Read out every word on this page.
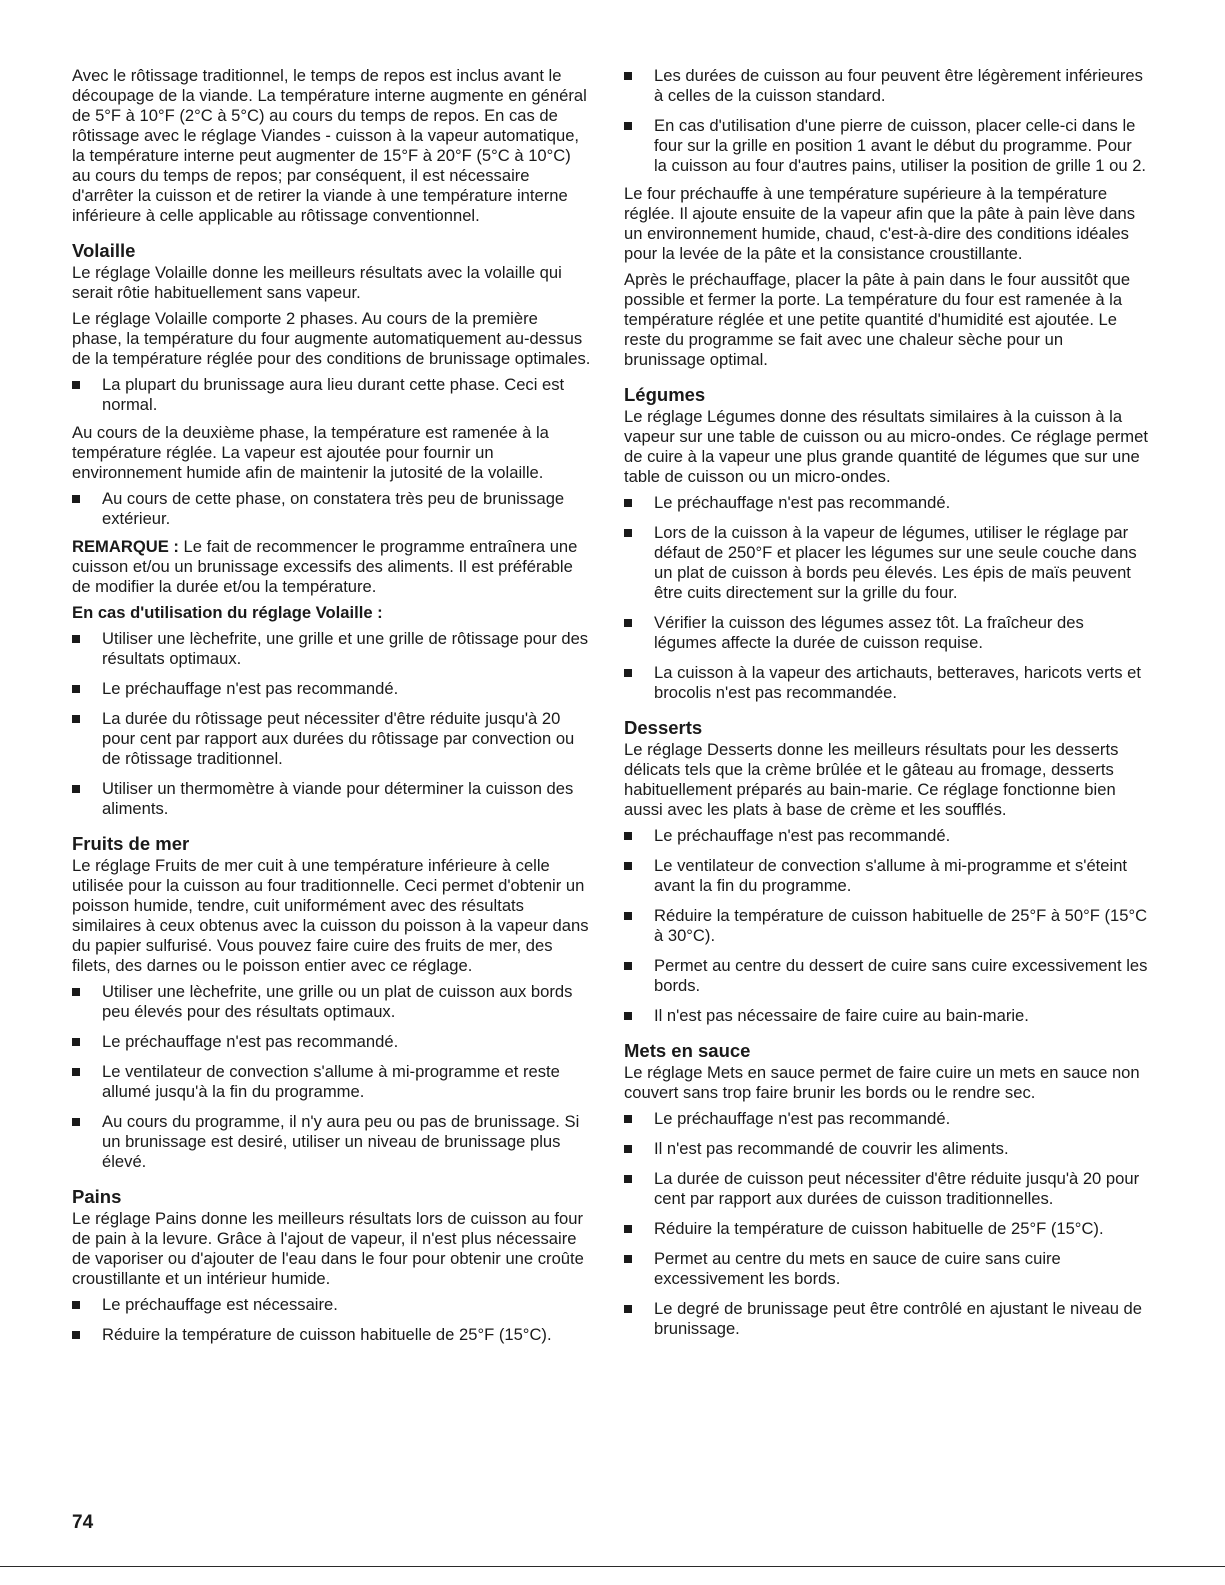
Avec le rôtissage traditionnel, le temps de repos est inclus avant le découpage de la viande. La température interne augmente en général de 5°F à 10°F (2°C à 5°C) au cours du temps de repos. En cas de rôtissage avec le réglage Viandes - cuisson à la vapeur automatique, la température interne peut augmenter de 15°F à 20°F (5°C à 10°C) au cours du temps de repos; par conséquent, il est nécessaire d'arrêter la cuisson et de retirer la viande à une température interne inférieure à celle applicable au rôtissage conventionnel.

Volaille

Le réglage Volaille donne les meilleurs résultats avec la volaille qui serait rôtie habituellement sans vapeur.

Le réglage Volaille comporte 2 phases. Au cours de la première phase, la température du four augmente automatiquement au-dessus de la température réglée pour des conditions de brunissage optimales.

La plupart du brunissage aura lieu durant cette phase. Ceci est normal.

Au cours de la deuxième phase, la température est ramenée à la température réglée. La vapeur est ajoutée pour fournir un environnement humide afin de maintenir la jutosité de la volaille.

Au cours de cette phase, on constatera très peu de brunissage extérieur.

REMARQUE : Le fait de recommencer le programme entraînera une cuisson et/ou un brunissage excessifs des aliments. Il est préférable de modifier la durée et/ou la température.

En cas d'utilisation du réglage Volaille :

Utiliser une lèchefrite, une grille et une grille de rôtissage pour des résultats optimaux.
Le préchauffage n'est pas recommandé.
La durée du rôtissage peut nécessiter d'être réduite jusqu'à 20 pour cent par rapport aux durées du rôtissage par convection ou de rôtissage traditionnel.
Utiliser un thermomètre à viande pour déterminer la cuisson des aliments.
Fruits de mer

Le réglage Fruits de mer cuit à une température inférieure à celle utilisée pour la cuisson au four traditionnelle. Ceci permet d'obtenir un poisson humide, tendre, cuit uniformément avec des résultats similaires à ceux obtenus avec la cuisson du poisson à la vapeur dans du papier sulfurisé. Vous pouvez faire cuire des fruits de mer, des filets, des darnes ou le poisson entier avec ce réglage.

Utiliser une lèchefrite, une grille ou un plat de cuisson aux bords peu élevés pour des résultats optimaux.
Le préchauffage n'est pas recommandé.
Le ventilateur de convection s'allume à mi-programme et reste allumé jusqu'à la fin du programme.
Au cours du programme, il n'y aura peu ou pas de brunissage. Si un brunissage est desiré, utiliser un niveau de brunissage plus élevé.
Pains

Le réglage Pains donne les meilleurs résultats lors de cuisson au four de pain à la levure. Grâce à l'ajout de vapeur, il n'est plus nécessaire de vaporiser ou d'ajouter de l'eau dans le four pour obtenir une croûte croustillante et un intérieur humide.

Le préchauffage est nécessaire.
Réduire la température de cuisson habituelle de 25°F (15°C).
Les durées de cuisson au four peuvent être légèrement inférieures à celles de la cuisson standard.
En cas d'utilisation d'une pierre de cuisson, placer celle-ci dans le four sur la grille en position 1 avant le début du programme. Pour la cuisson au four d'autres pains, utiliser la position de grille 1 ou 2.

Le four préchauffe à une température supérieure à la température réglée. Il ajoute ensuite de la vapeur afin que la pâte à pain lève dans un environnement humide, chaud, c'est-à-dire des conditions idéales pour la levée de la pâte et la consistance croustillante.

Après le préchauffage, placer la pâte à pain dans le four aussitôt que possible et fermer la porte. La température du four est ramenée à la température réglée et une petite quantité d'humidité est ajoutée. Le reste du programme se fait avec une chaleur sèche pour un brunissage optimal.

Légumes

Le réglage Légumes donne des résultats similaires à la cuisson à la vapeur sur une table de cuisson ou au micro-ondes. Ce réglage permet de cuire à la vapeur une plus grande quantité de légumes que sur une table de cuisson ou un micro-ondes.

Le préchauffage n'est pas recommandé.
Lors de la cuisson à la vapeur de légumes, utiliser le réglage par défaut de 250°F et placer les légumes sur une seule couche dans un plat de cuisson à bords peu élevés. Les épis de maïs peuvent être cuits directement sur la grille du four.
Vérifier la cuisson des légumes assez tôt. La fraîcheur des légumes affecte la durée de cuisson requise.
La cuisson à la vapeur des artichauts, betteraves, haricots verts et brocolis n'est pas recommandée.
Desserts

Le réglage Desserts donne les meilleurs résultats pour les desserts délicats tels que la crème brûlée et le gâteau au fromage, desserts habituellement préparés au bain-marie. Ce réglage fonctionne bien aussi avec les plats à base de crème et les soufflés.

Le préchauffage n'est pas recommandé.
Le ventilateur de convection s'allume à mi-programme et s'éteint avant la fin du programme.
Réduire la température de cuisson habituelle de 25°F à 50°F (15°C à 30°C).
Permet au centre du dessert de cuire sans cuire excessivement les bords.
Il n'est pas nécessaire de faire cuire au bain-marie.
Mets en sauce

Le réglage Mets en sauce permet de faire cuire un mets en sauce non couvert sans trop faire brunir les bords ou le rendre sec.

Le préchauffage n'est pas recommandé.
Il n'est pas recommandé de couvrir les aliments.
La durée de cuisson peut nécessiter d'être réduite jusqu'à 20 pour cent par rapport aux durées de cuisson traditionnelles.
Réduire la température de cuisson habituelle de 25°F (15°C).
Permet au centre du mets en sauce de cuire sans cuire excessivement les bords.
Le degré de brunissage peut être contrôlé en ajustant le niveau de brunissage.
74
